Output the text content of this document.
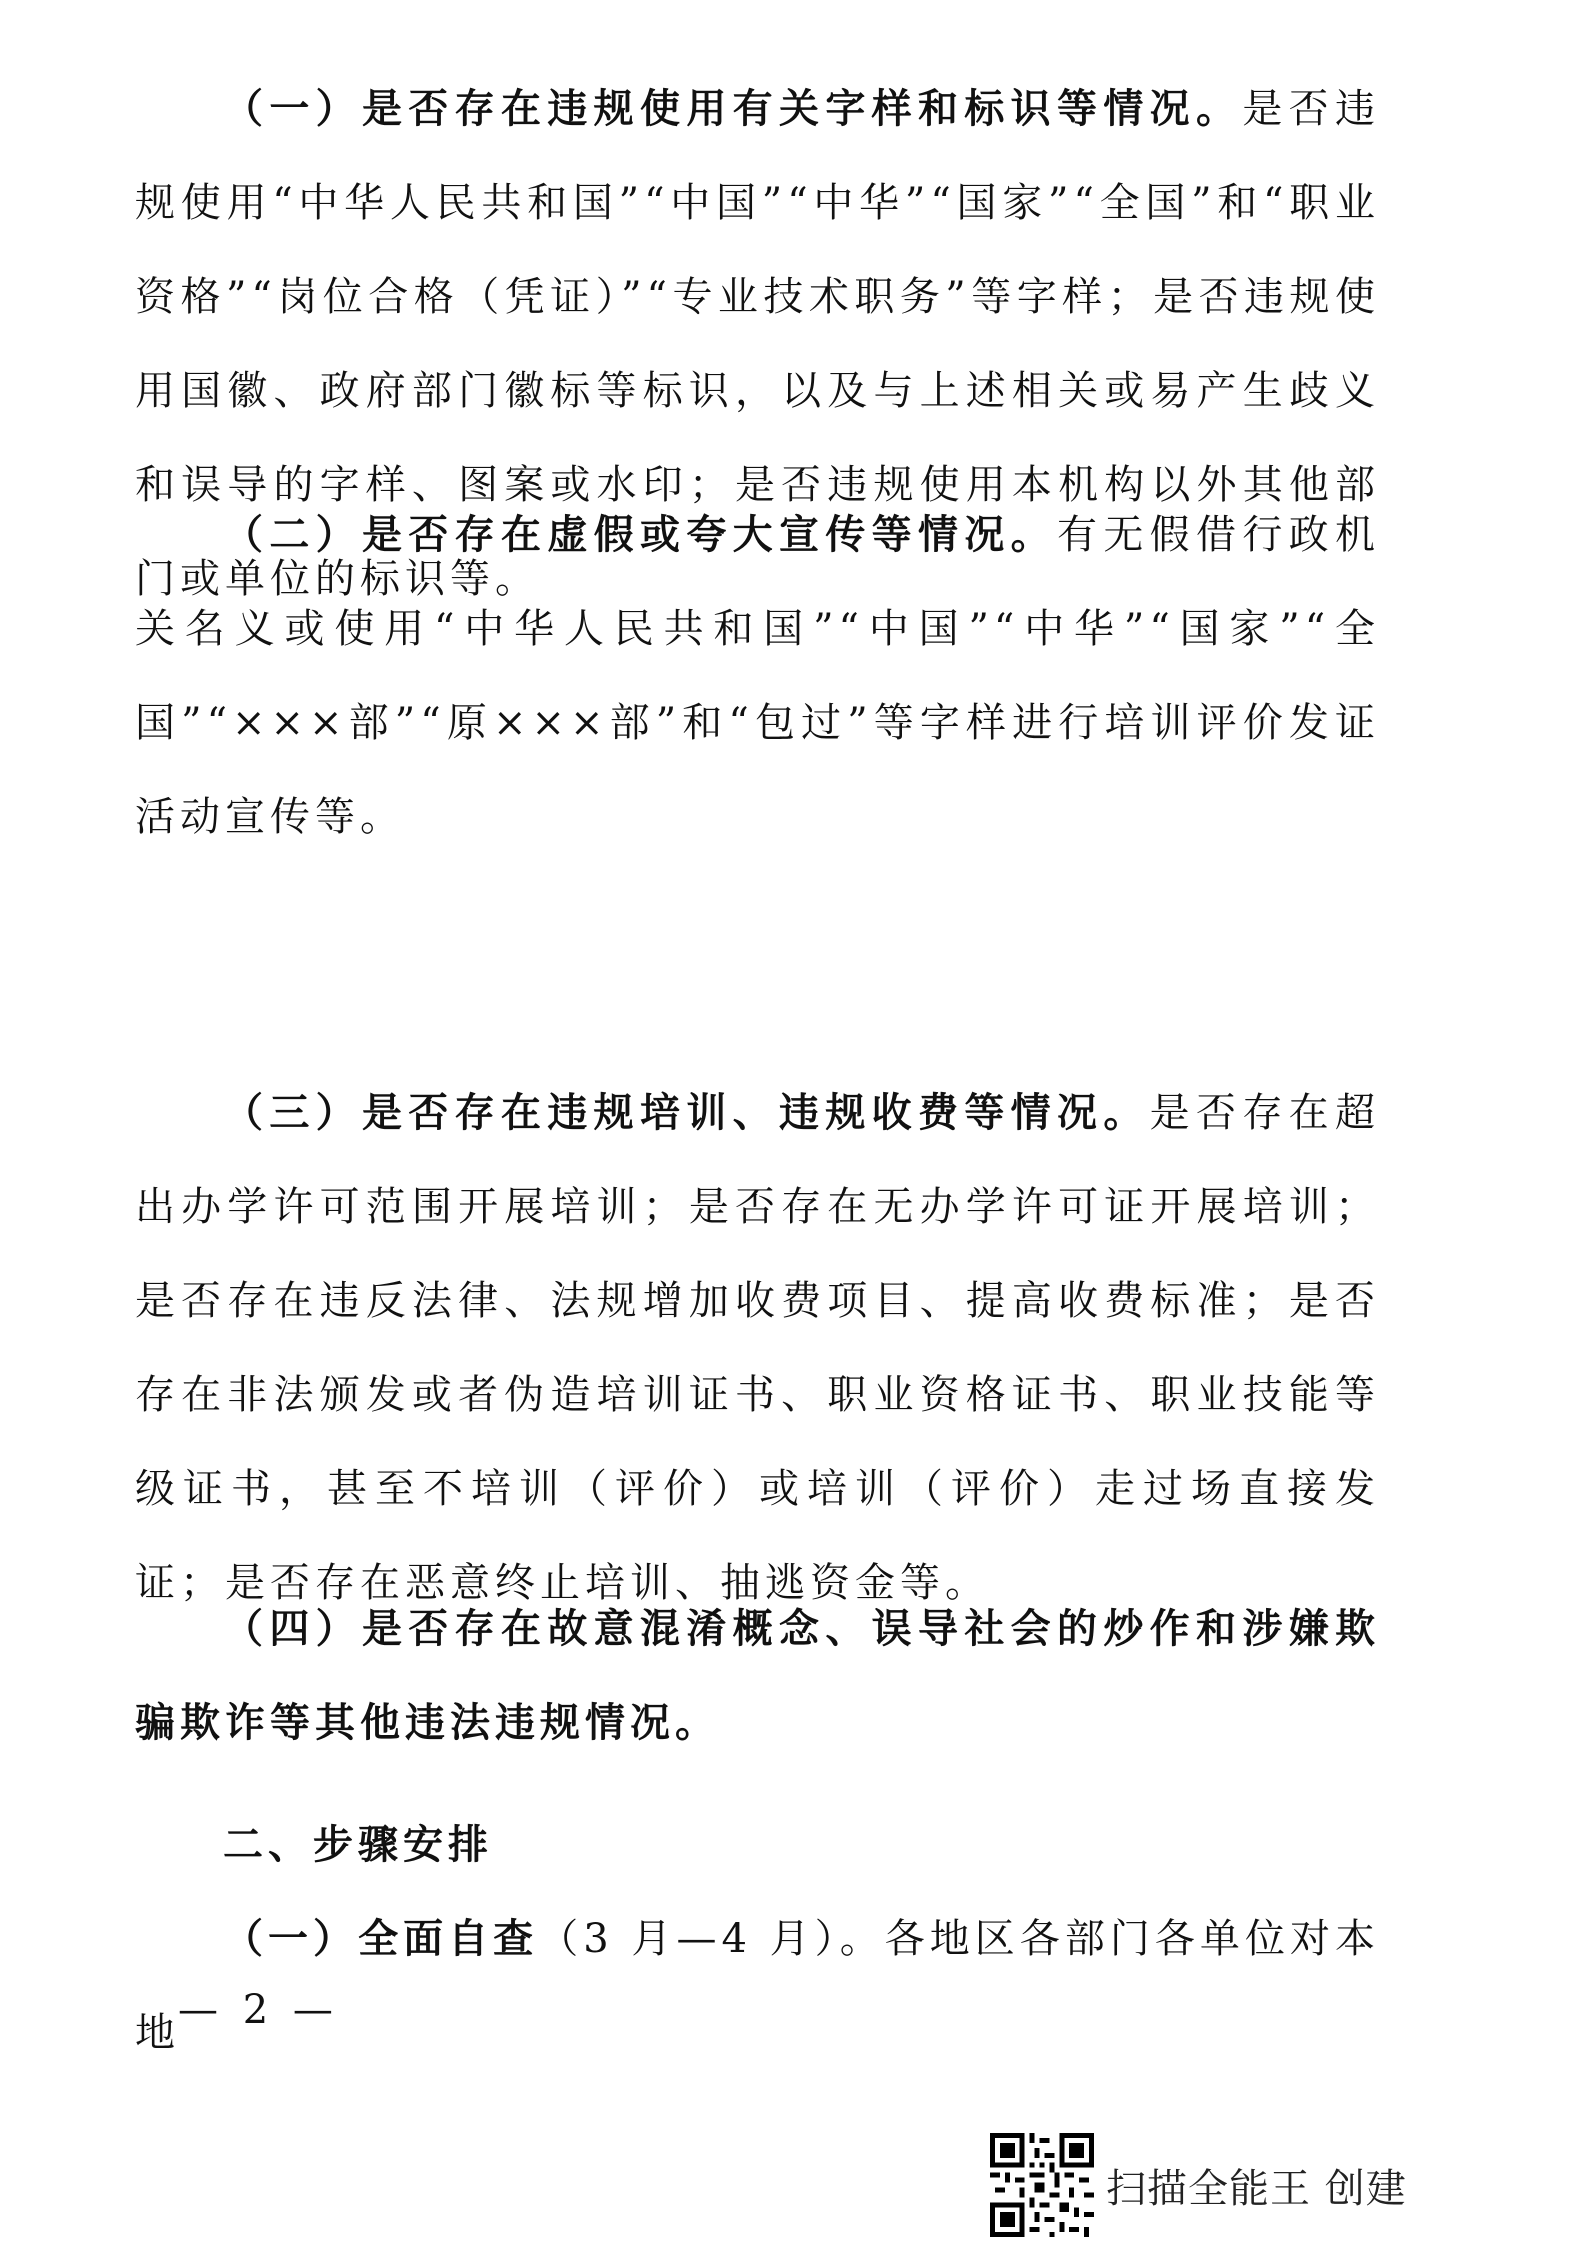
（一）是否存在违规使用有关字样和标识等情况。是否违规使用“中华人民共和国”“中国”“中华”“国家”“全国”和“职业资格”“岗位合格（凭证）”“专业技术职务”等字样；是否违规使用国徽、政府部门徽标等标识，以及与上述相关或易产生歧义和误导的字样、图案或水印；是否违规使用本机构以外其他部门或单位的标识等。

（二）是否存在虚假或夸大宣传等情况。有无假借行政机关名义或使用“中华人民共和国”“中国”“中华”“国家”“全国”“×××部”“原×××部”和“包过”等字样进行培训评价发证活动宣传等。

（三）是否存在违规培训、违规收费等情况。是否存在超出办学许可范围开展培训；是否存在无办学许可证开展培训；是否存在违反法律、法规增加收费项目、提高收费标准；是否存在非法颁发或者伪造培训证书、职业资格证书、职业技能等级证书，甚至不培训（评价）或培训（评价）走过场直接发证；是否存在恶意终止培训、抽逃资金等。

（四）是否存在故意混淆概念、误导社会的炒作和涉嫌欺骗欺诈等其他违法违规情况。

二、步骤安排

（一）全面自查（3 月—4 月）。各地区各部门各单位对本地

— 2 —
扫描全能王 创建
